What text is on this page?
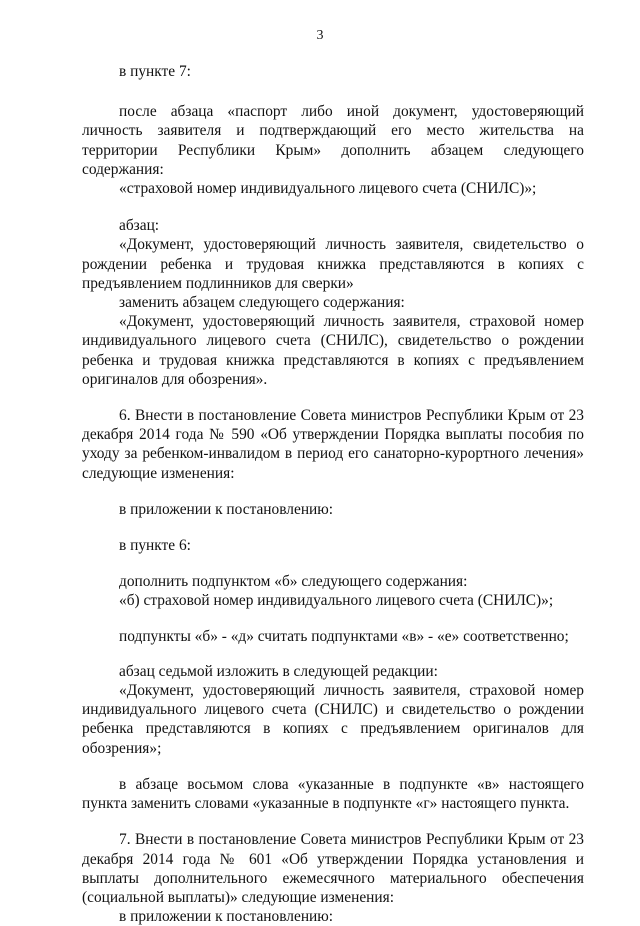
3

в пункте 7:

после абзаца «паспорт либо иной документ, удостоверяющий личность заявителя и подтверждающий его место жительства на территории Республики Крым» дополнить абзацем следующего содержания:

«страховой номер индивидуального лицевого счета (СНИЛС)»;

абзац:

«Документ, удостоверяющий личность заявителя, свидетельство о рождении ребенка и трудовая книжка представляются в копиях с предъявлением подлинников для сверки»

заменить абзацем следующего содержания:

«Документ, удостоверяющий личность заявителя, страховой номер индивидуального лицевого счета (СНИЛС), свидетельство о рождении ребенка и трудовая книжка представляются в копиях с предъявлением оригиналов для обозрения».

6. Внести в постановление Совета министров Республики Крым от 23 декабря 2014 года № 590 «Об утверждении Порядка выплаты пособия по уходу за ребенком-инвалидом в период его санаторно-курортного лечения» следующие изменения:

в приложении к постановлению:

в пункте 6:

дополнить подпунктом «б» следующего содержания:

«б) страховой номер индивидуального лицевого счета (СНИЛС)»;

подпункты «б» - «д» считать подпунктами «в» - «е» соответственно;

абзац седьмой изложить в следующей редакции:

«Документ, удостоверяющий личность заявителя, страховой номер индивидуального лицевого счета (СНИЛС) и свидетельство о рождении ребенка представляются в копиях с предъявлением оригиналов для обозрения»;

в абзаце восьмом слова «указанные в подпункте «в» настоящего пункта заменить словами «указанные в подпункте «г» настоящего пункта.

7. Внести в постановление Совета министров Республики Крым от 23 декабря 2014 года № 601 «Об утверждении Порядка установления и выплаты дополнительного ежемесячного материального обеспечения (социальной выплаты)» следующие изменения:

в приложении к постановлению:
